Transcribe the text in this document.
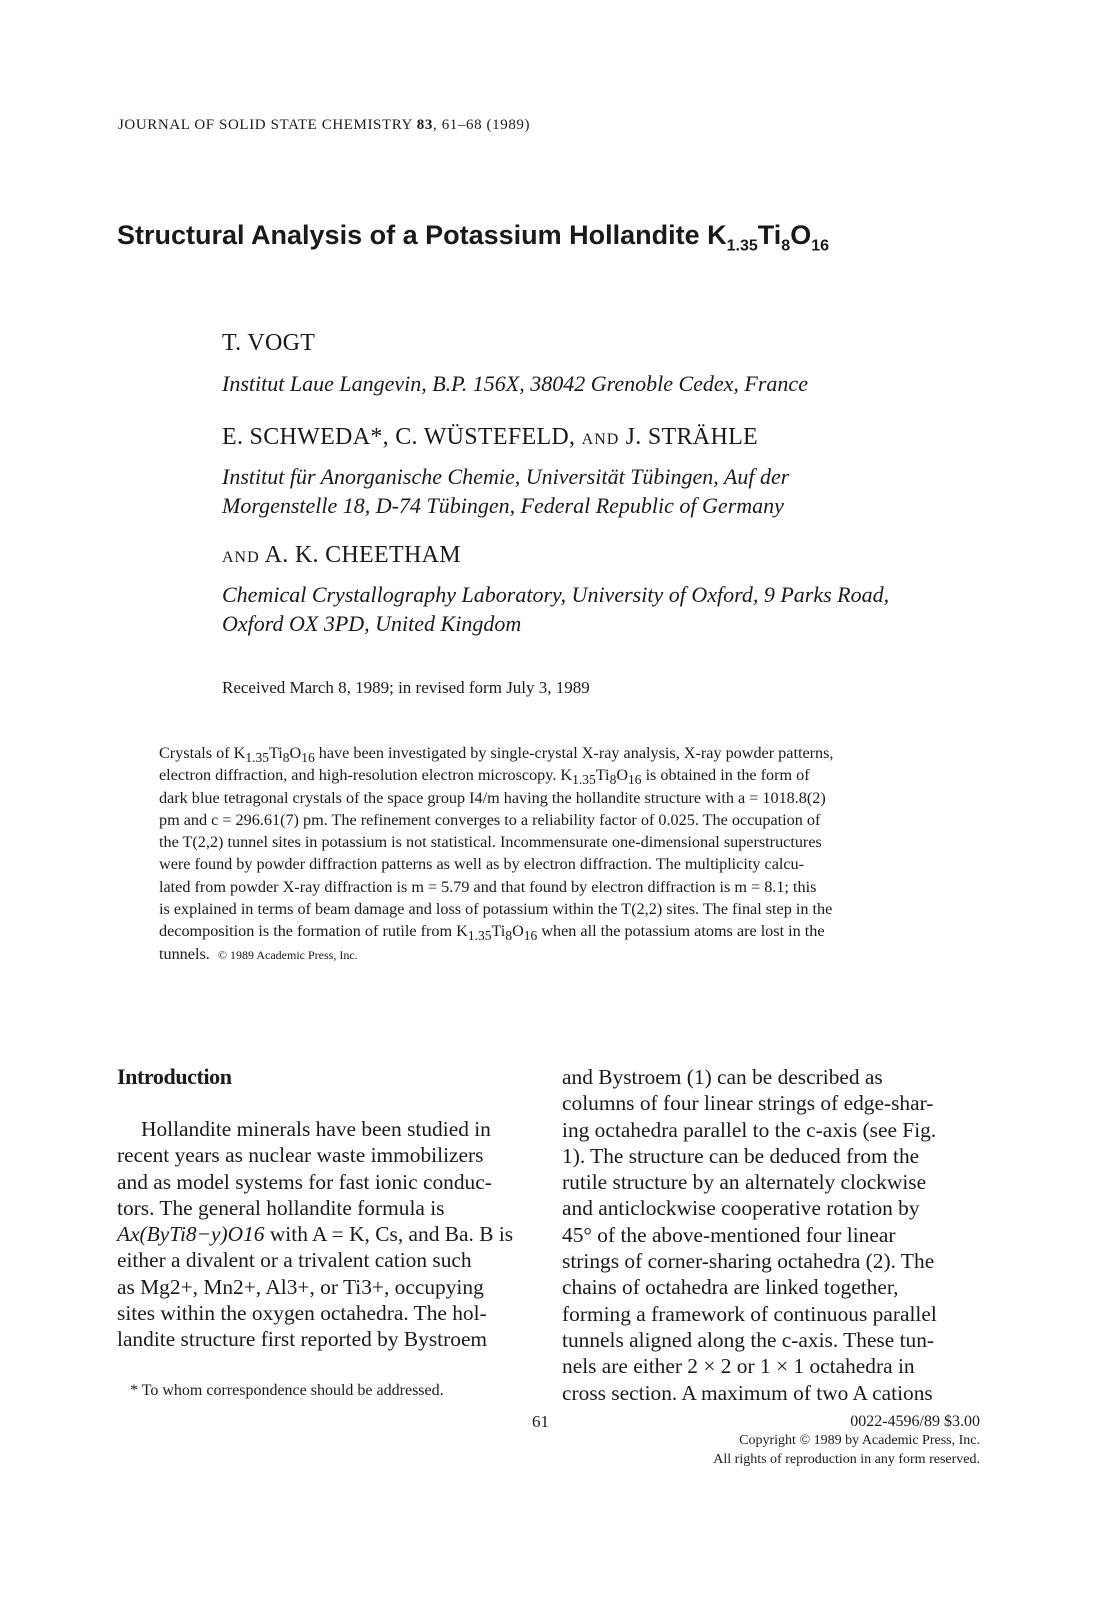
JOURNAL OF SOLID STATE CHEMISTRY 83, 61–68 (1989)
Structural Analysis of a Potassium Hollandite $K_{1.35}Ti_8O_{16}$
T. VOGT
Institut Laue Langevin, B.P. 156X, 38042 Grenoble Cedex, France
E. SCHWEDA*, C. WÜSTEFELD, AND J. STRÄHLE
Institut für Anorganische Chemie, Universität Tübingen, Auf der
Morgenstelle 18, D-74 Tübingen, Federal Republic of Germany
AND A. K. CHEETHAM
Chemical Crystallography Laboratory, University of Oxford, 9 Parks Road,
Oxford OX 3PD, United Kingdom
Received March 8, 1989; in revised form July 3, 1989
Crystals of $K_{1.35}Ti_8O_{16}$ have been investigated by single-crystal X-ray analysis, X-ray powder patterns,
electron diffraction, and high-resolution electron microscopy. $K_{1.35}Ti_8O_{16}$ is obtained in the form of
dark blue tetragonal crystals of the space group I4/m having the hollandite structure with a = 1018.8(2)
pm and c = 296.61(7) pm. The refinement converges to a reliability factor of 0.025. The occupation of
the T(2,2) tunnel sites in potassium is not statistical. Incommensurate one-dimensional superstructures
were found by powder diffraction patterns as well as by electron diffraction. The multiplicity calcu-
lated from powder X-ray diffraction is m = 5.79 and that found by electron diffraction is m = 8.1; this
is explained in terms of beam damage and loss of potassium within the T(2,2) sites. The final step in the
decomposition is the formation of rutile from $K_{1.35}Ti_8O_{16}$ when all the potassium atoms are lost in the
tunnels. © 1989 Academic Press, Inc.
Introduction
Hollandite minerals have been studied in
recent years as nuclear waste immobilizers
and as model systems for fast ionic conduc-
tors. The general hollandite formula is
Ax(ByTi8−y)O16 with A = K, Cs, and Ba. B is
either a divalent or a trivalent cation such
as Mg2+, Mn2+, Al3+, or Ti3+, occupying
sites within the oxygen octahedra. The hol-
landite structure first reported by Bystroem
and Bystroem (1) can be described as
columns of four linear strings of edge-shar-
ing octahedra parallel to the c-axis (see Fig.
1). The structure can be deduced from the
rutile structure by an alternately clockwise
and anticlockwise cooperative rotation by
45° of the above-mentioned four linear
strings of corner-sharing octahedra (2). The
chains of octahedra are linked together,
forming a framework of continuous parallel
tunnels aligned along the c-axis. These tun-
nels are either 2 × 2 or 1 × 1 octahedra in
cross section. A maximum of two A cations
* To whom correspondence should be addressed.
61	0022-4596/89 $3.00
Copyright © 1989 by Academic Press, Inc.
All rights of reproduction in any form reserved.
